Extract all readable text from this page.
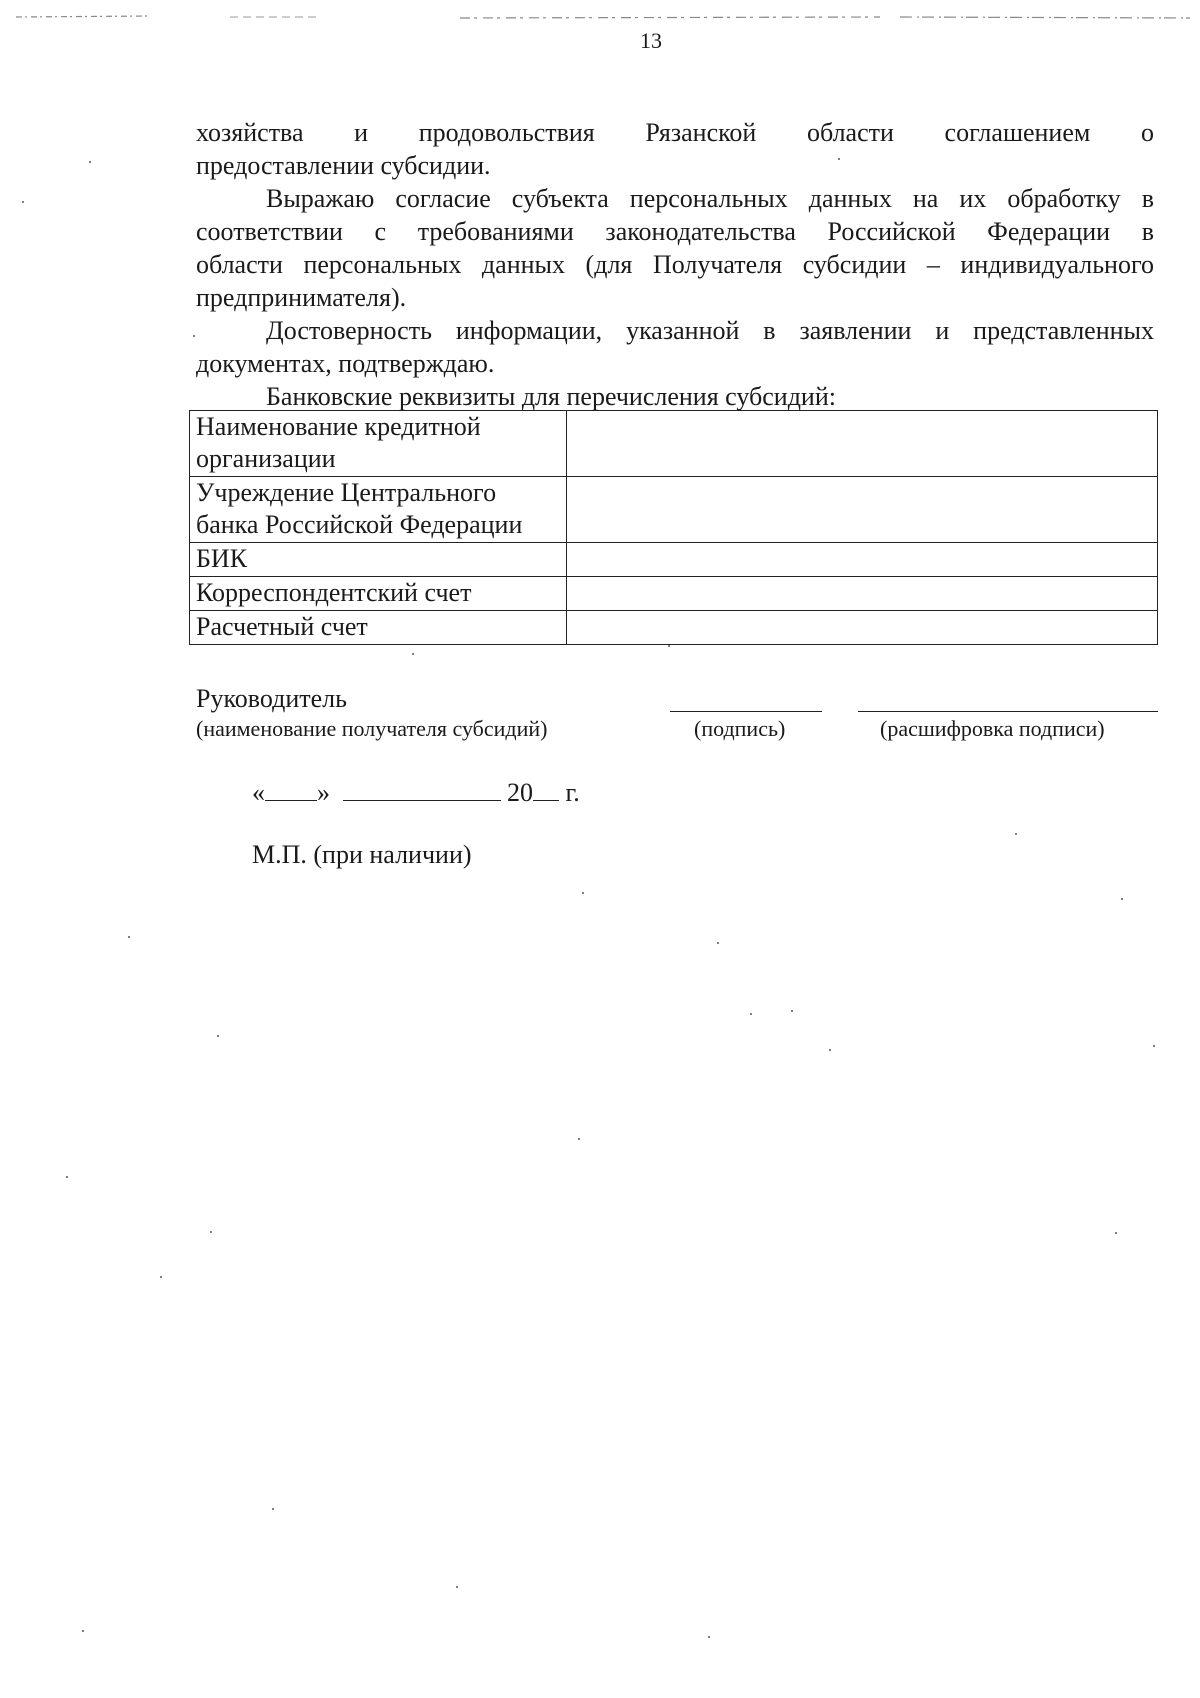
13
хозяйства и продовольствия Рязанской области соглашением о
предоставлении субсидии.
Выражаю согласие субъекта персональных данных на их обработку в
соответствии с требованиями законодательства Российской Федерации в
области персональных данных (для Получателя субсидии – индивидуального
предпринимателя).
Достоверность информации, указанной в заявлении и представленных
документах, подтверждаю.
Банковские реквизиты для перечисления субсидий:
Наименование кредитной организации	
Учреждение Центрального банка Российской Федерации	
БИК	
Корреспондентский счет	
Расчетный счет	
Руководитель
(наименование получателя субсидий)	(подпись)	(расшифровка подписи)
« »	20 г.
М.П. (при наличии)
